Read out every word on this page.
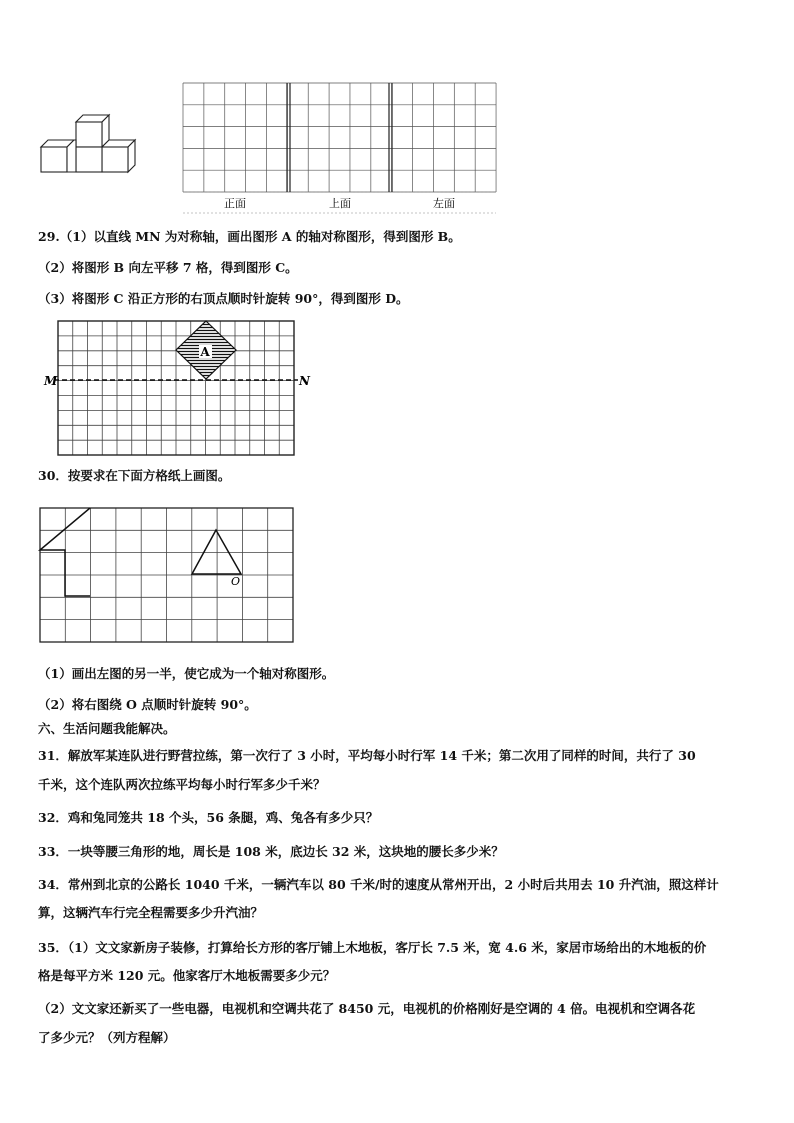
正面	上面	左面
29.（1）以直线 MN 为对称轴，画出图形 A 的轴对称图形，得到图形 B。
（2）将图形 B 向左平移 7 格，得到图形 C。
（3）将图形 C 沿正方形的右顶点顺时针旋转 90°，得到图形 D。
M	N
A
30．按要求在下面方格纸上画图。
O
（1）画出左图的另一半，使它成为一个轴对称图形。
（2）将右图绕 O 点顺时针旋转 90°。
六、生活问题我能解决。
31．解放军某连队进行野营拉练，第一次行了 3 小时，平均每小时行军 14 千米；第二次用了同样的时间，共行了 30
千米，这个连队两次拉练平均每小时行军多少千米？
32．鸡和兔同笼共 18 个头，56 条腿，鸡、兔各有多少只？
33．一块等腰三角形的地，周长是 108 米，底边长 32 米，这块地的腰长多少米？
34．常州到北京的公路长 1040 千米，一辆汽车以 80 千米/时的速度从常州开出，2 小时后共用去 10 升汽油，照这样计
算，这辆汽车行完全程需要多少升汽油？
35．（1）文文家新房子装修，打算给长方形的客厅铺上木地板，客厅长 7.5 米，宽 4.6 米，家居市场给出的木地板的价
格是每平方米 120 元。他家客厅木地板需要多少元？
（2）文文家还新买了一些电器，电视机和空调共花了 8450 元，电视机的价格刚好是空调的 4 倍。电视机和空调各花
了多少元？（列方程解）
